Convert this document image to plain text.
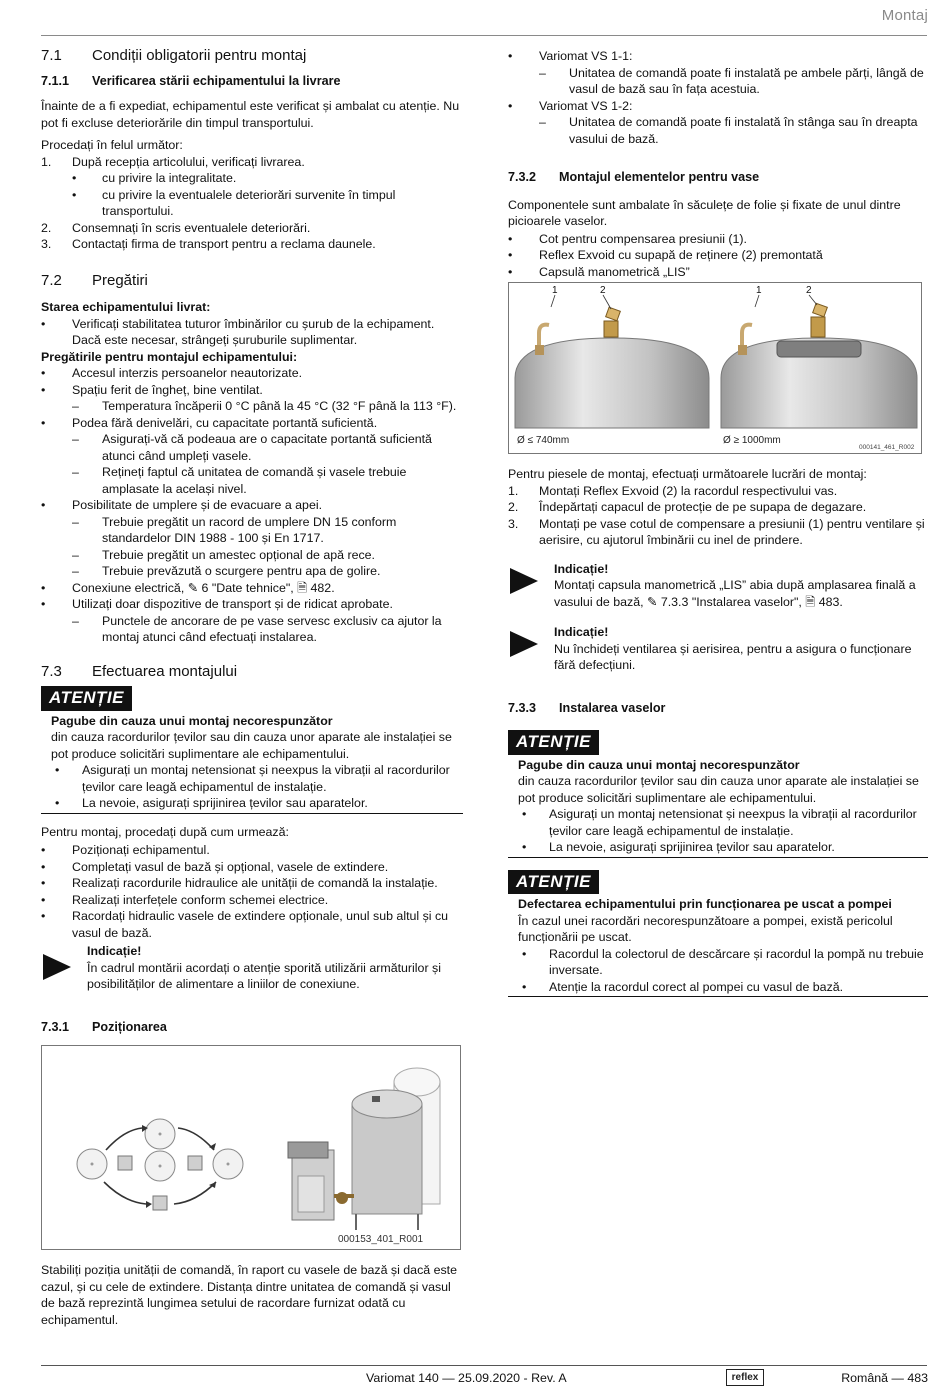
Montaj
7.1	Condiții obligatorii pentru montaj
7.1.1	Verificarea stării echipamentului la livrare
Înainte de a fi expediat, echipamentul este verificat și ambalat cu atenție. Nu pot fi excluse deteriorările din timpul transportului.
Procedați în felul următor:
1.	După recepția articolului, verificați livrarea.
•	cu privire la integralitate.
•	cu privire la eventualele deteriorări survenite în timpul transportului.
2.	Consemnați în scris eventualele deteriorări.
3.	Contactați firma de transport pentru a reclama daunele.
7.2	Pregătiri
Starea echipamentului livrat:
•	Verificați stabilitatea tuturor îmbinărilor cu șurub de la echipament. Dacă este necesar, strângeți șuruburile suplimentar.
Pregătirile pentru montajul echipamentului:
•	Accesul interzis persoanelor neautorizate.
•	Spațiu ferit de îngheț, bine ventilat.
–	Temperatura încăperii 0 °C până la 45 °C (32 °F până la 113 °F).
•	Podea fără denivelări, cu capacitate portantă suficientă.
–	Asigurați-vă că podeaua are o capacitate portantă suficientă atunci când umpleți vasele.
–	Rețineți faptul că unitatea de comandă și vasele trebuie amplasate la același nivel.
•	Posibilitate de umplere și de evacuare a apei.
–	Trebuie pregătit un racord de umplere DN 15 conform standardelor DIN 1988 - 100 și En 1717.
–	Trebuie pregătit un amestec opțional de apă rece.
–	Trebuie prevăzută o scurgere pentru apa de golire.
•	Conexiune electrică, ✎ 6 "Date tehnice", 🗎 482.
•	Utilizați doar dispozitive de transport și de ridicat aprobate.
–	Punctele de ancorare de pe vase servesc exclusiv ca ajutor la montaj atunci când efectuați instalarea.
7.3	Efectuarea montajului
ATENȚIE
Pagube din cauza unui montaj necorespunzător
din cauza racordurilor țevilor sau din cauza unor aparate ale instalației se pot produce solicitări suplimentare ale echipamentului.
•	Asigurați un montaj netensionat și neexpus la vibrații al racordurilor țevilor care leagă echipamentul de instalație.
•	La nevoie, asigurați sprijinirea țevilor sau aparatelor.
Pentru montaj, procedați după cum urmează:
•	Poziționați echipamentul.
•	Completați vasul de bază și opțional, vasele de extindere.
•	Realizați racordurile hidraulice ale unității de comandă la instalație.
•	Realizați interfețele conform schemei electrice.
•	Racordați hidraulic vasele de extindere opționale, unul sub altul și cu vasul de bază.
Indicație!
În cadrul montării acordați o atenție sporită utilizării armăturilor și posibilităților de alimentare a liniilor de conexiune.
7.3.1	Poziționarea
000153_401_R001
Stabiliți poziția unității de comandă, în raport cu vasele de bază și dacă este cazul, și cu cele de extindere. Distanța dintre unitatea de comandă și vasul de bază reprezintă lungimea setului de racordare furnizat odată cu echipamentul.
•	Variomat VS 1-1:
–	Unitatea de comandă poate fi instalată pe ambele părți, lângă de vasul de bază sau în fața acestuia.
•	Variomat VS 1-2:
–	Unitatea de comandă poate fi instalată în stânga sau în dreapta vasului de bază.
7.3.2	Montajul elementelor pentru vase
Componentele sunt ambalate în săculețe de folie și fixate de unul dintre picioarele vaselor.
•	Cot pentru compensarea presiunii (1).
•	Reflex Exvoid cu supapă de reținere (2) premontată
•	Capsulă manometrică „LIS”
1	2	1	2
Ø ≤ 740mm	Ø ≥ 1000mm
000141_461_R002
Pentru piesele de montaj, efectuați următoarele lucrări de montaj:
1.	Montați Reflex Exvoid (2) la racordul respectivului vas.
2.	Îndepărtați capacul de protecție de pe supapa de degazare.
3.	Montați pe vase cotul de compensare a presiunii (1) pentru ventilare și aerisire, cu ajutorul îmbinării cu inel de prindere.
Indicație!
Montați capsula manometrică „LIS” abia după amplasarea finală a vasului de bază, ✎ 7.3.3 "Instalarea vaselor", 🗎 483.
Indicație!
Nu închideți ventilarea și aerisirea, pentru a asigura o funcționare fără defecțiuni.
7.3.3	Instalarea vaselor
ATENȚIE
Pagube din cauza unui montaj necorespunzător
din cauza racordurilor țevilor sau din cauza unor aparate ale instalației se pot produce solicitări suplimentare ale echipamentului.
•	Asigurați un montaj netensionat și neexpus la vibrații al racordurilor țevilor care leagă echipamentul de instalație.
•	La nevoie, asigurați sprijinirea țevilor sau aparatelor.
ATENȚIE
Defectarea echipamentului prin funcționarea pe uscat a pompei
În cazul unei racordări necorespunzătoare a pompei, există pericolul funcționării pe uscat.
•	Racordul la colectorul de descărcare și racordul la pompă nu trebuie inversate.
•	Atenție la racordul corect al pompei cu vasul de bază.
Variomat 140 — 25.09.2020 - Rev. A	reflex	Română — 483
